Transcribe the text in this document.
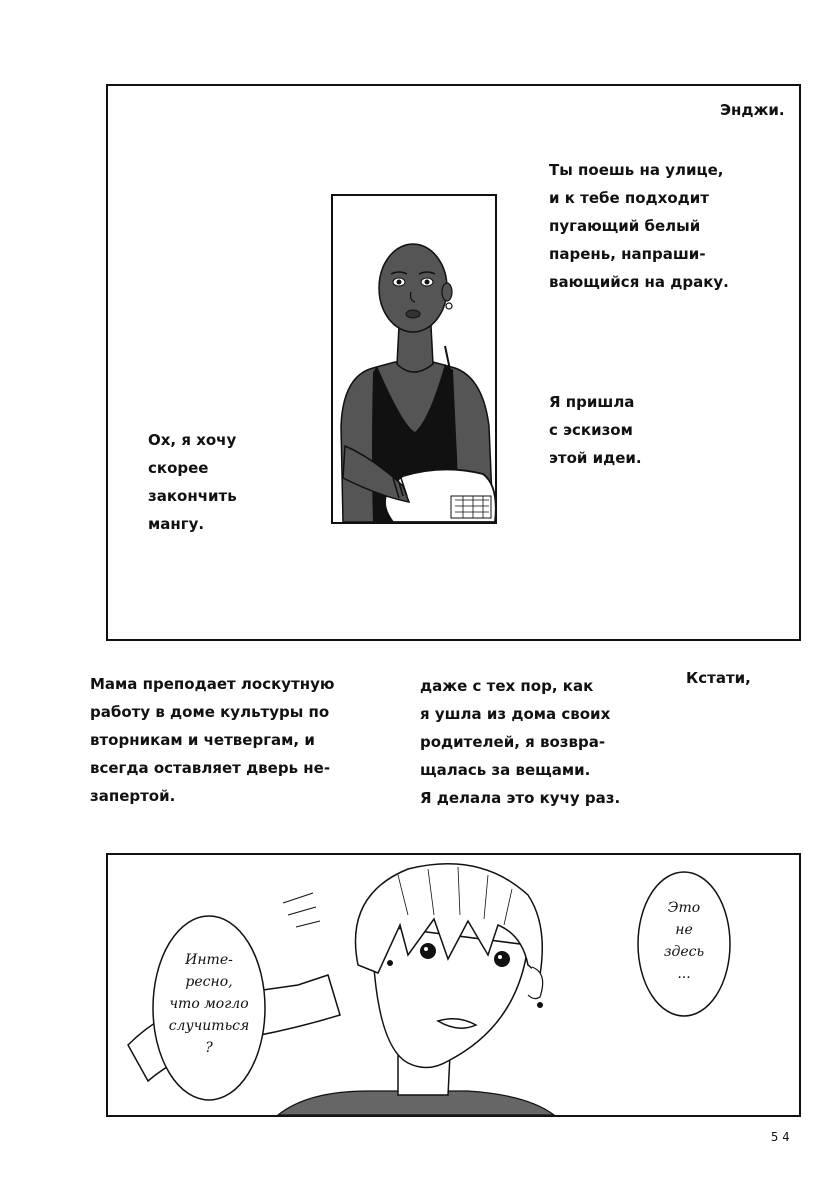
Энджи.
Ты поешь на улице,
и к тебе подходит
пугающий белый
парень, напраши-
вающийся на драку.
Я пришла
с эскизом
этой идеи.
Ох, я хочу
скорее
закончить
мангу.
Мама преподает лоскутную
работу в доме культуры по
вторникам и четвергам, и
всегда оставляет дверь не-
запертой.
даже с тех пор, как
я ушла из дома своих
родителей, я возвра-
щалась за вещами.
Я делала это кучу раз.
Кстати,
Инте-
ресно,
что могло
случиться
?
Это
не
здесь
...
54
